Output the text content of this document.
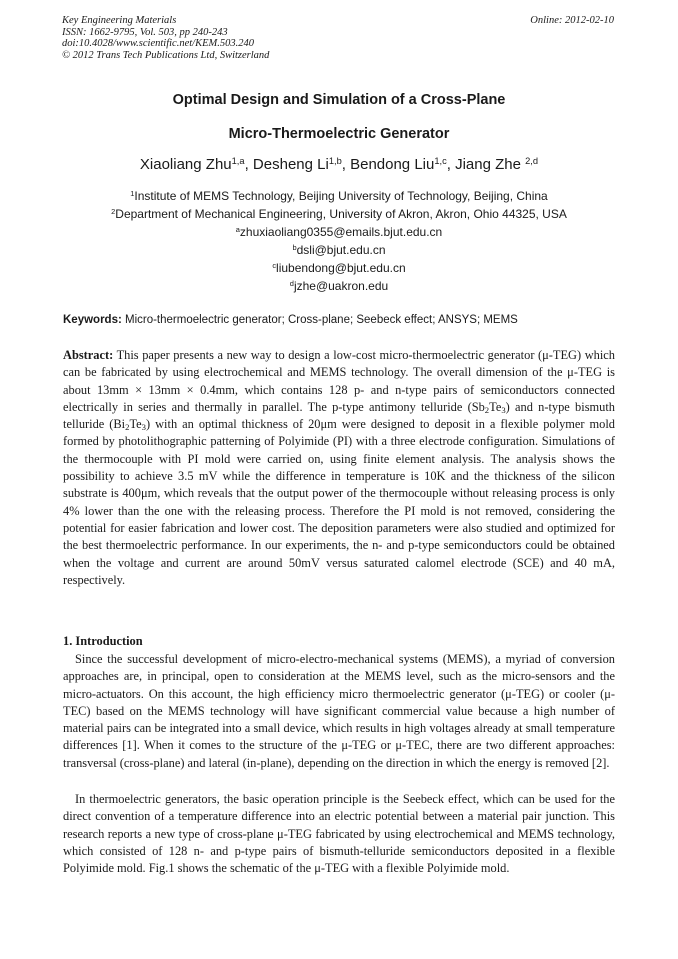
Key Engineering Materials
ISSN: 1662-9795, Vol. 503, pp 240-243
doi:10.4028/www.scientific.net/KEM.503.240
© 2012 Trans Tech Publications Ltd, Switzerland
Online: 2012-02-10
Optimal Design and Simulation of a Cross-Plane
Micro-Thermoelectric Generator
Xiaoliang Zhu$^{1,a}$, Desheng Li$^{1,b}$, Bendong Liu$^{1,c}$, Jiang Zhe $^{2,d}$
$^1$Institute of MEMS Technology, Beijing University of Technology, Beijing, China
$^2$Department of Mechanical Engineering, University of Akron, Akron, Ohio 44325, USA
$^a$zhuxiaoliang0355@emails.bjut.edu.cn
$^b$dsli@bjut.edu.cn
$^c$liubendong@bjut.edu.cn
$^d$jzhe@uakron.edu
Keywords: Micro-thermoelectric generator; Cross-plane; Seebeck effect; ANSYS; MEMS

Abstract: This paper presents a new way to design a low-cost micro-thermoelectric generator (μ-TEG) which can be fabricated by using electrochemical and MEMS technology. The overall dimension of the μ-TEG is about 13mm × 13mm × 0.4mm, which contains 128 p- and n-type pairs of semiconductors connected electrically in series and thermally in parallel. The p-type antimony telluride $(Sb_2Te_3)$ and n-type bismuth telluride $(Bi_2Te_3)$ with an optimal thickness of 20μm were designed to deposit in a flexible polymer mold formed by photolithographic patterning of Polyimide (PI) with a three electrode configuration. Simulations of the thermocouple with PI mold were carried on, using finite element analysis. The analysis shows the possibility to achieve 3.5 mV while the difference in temperature is 10K and the thickness of the silicon substrate is 400μm, which reveals that the output power of the thermocouple without releasing process is only 4% lower than the one with the releasing process. Therefore the PI mold is not removed, considering the potential for easier fabrication and lower cost. The deposition parameters were also studied and optimized for the best thermoelectric performance. In our experiments, the n- and p-type semiconductors could be obtained when the voltage and current are around 50mV versus saturated calomel electrode (SCE) and 40 mA, respectively.

1. Introduction

Since the successful development of micro-electro-mechanical systems (MEMS), a myriad of conversion approaches are, in principal, open to consideration at the MEMS level, such as the micro-sensors and the micro-actuators. On this account, the high efficiency micro thermoelectric generator (μ-TEG) or cooler (μ-TEC) based on the MEMS technology will have significant commercial value because a high number of material pairs can be integrated into a small device, which results in high voltages already at small temperature differences [1]. When it comes to the structure of the μ-TEG or μ-TEC, there are two different approaches: transversal (cross-plane) and lateral (in-plane), depending on the direction in which the energy is removed [2].

In thermoelectric generators, the basic operation principle is the Seebeck effect, which can be used for the direct convention of a temperature difference into an electric potential between a material pair junction. This research reports a new type of cross-plane μ-TEG fabricated by using electrochemical and MEMS technology, which consisted of 128 n- and p-type pairs of bismuth-telluride semiconductors deposited in a flexible Polyimide mold. Fig.1 shows the schematic of the μ-TEG with a flexible Polyimide mold.
